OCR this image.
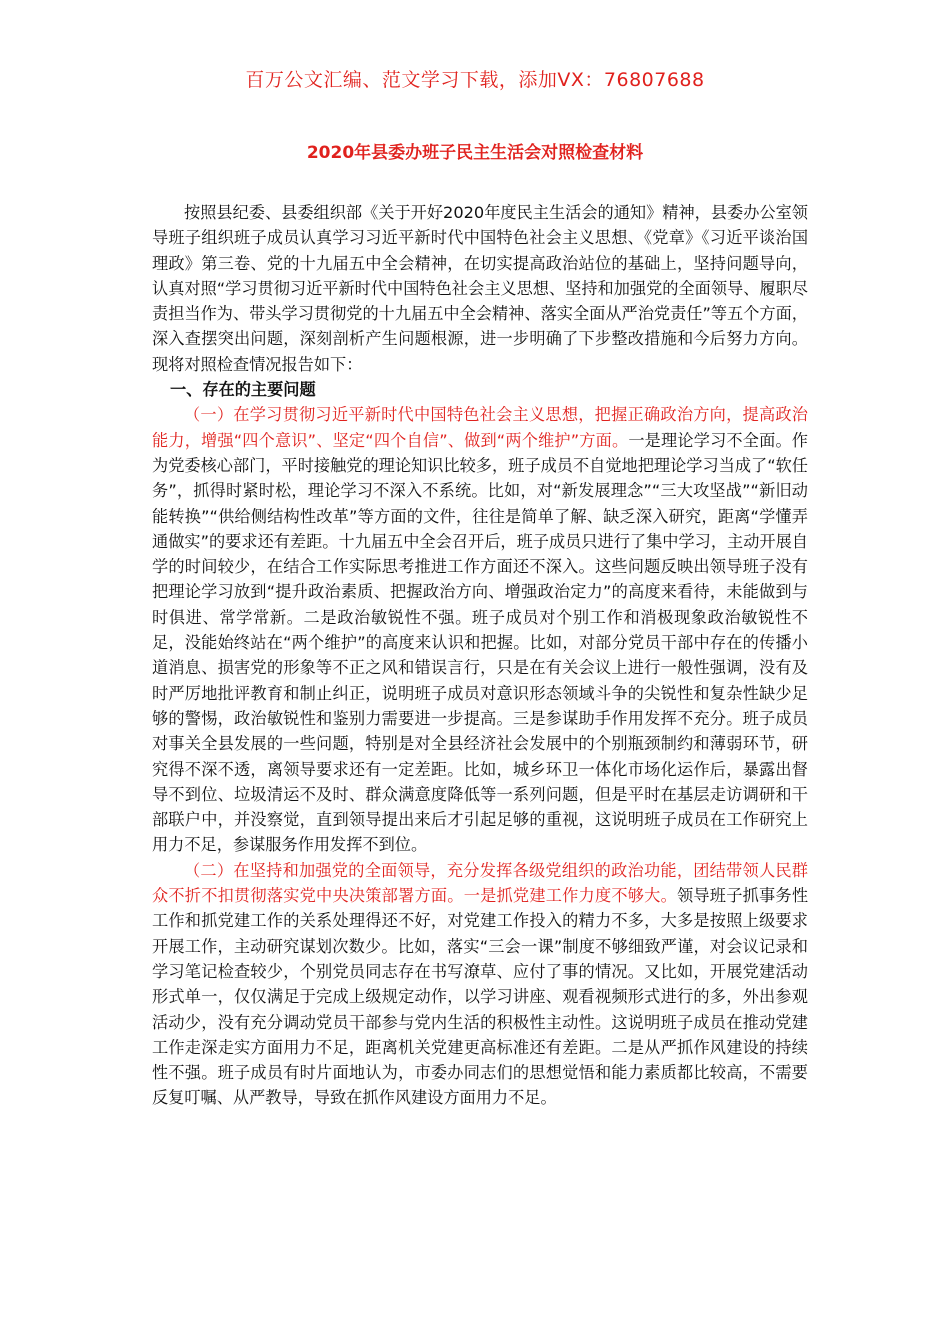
百万公文汇编、范文学习下载，添加VX：76807688
2020年县委办班子民主生活会对照检查材料

按照县纪委、县委组织部《关于开好2020年度民主生活会的通知》精神，县委办公室领导班子组织班子成员认真学习习近平新时代中国特色社会主义思想、《党章》《习近平谈治国理政》第三卷、党的十九届五中全会精神，在切实提高政治站位的基础上，坚持问题导向，认真对照“学习贯彻习近平新时代中国特色社会主义思想、坚持和加强党的全面领导、履职尽责担当作为、带头学习贯彻党的十九届五中全会精神、落实全面从严治党责任”等五个方面，深入查摆突出问题，深刻剖析产生问题根源，进一步明确了下步整改措施和今后努力方向。现将对照检查情况报告如下：

一、存在的主要问题

（一）在学习贯彻习近平新时代中国特色社会主义思想，把握正确政治方向，提高政治能力，增强“四个意识”、坚定“四个自信”、做到“两个维护”方面。一是理论学习不全面。作为党委核心部门，平时接触党的理论知识比较多，班子成员不自觉地把理论学习当成了“软任务”，抓得时紧时松，理论学习不深入不系统。比如，对“新发展理念”“三大攻坚战”“新旧动能转换”“供给侧结构性改革”等方面的文件，往往是简单了解、缺乏深入研究，距离“学懂弄通做实”的要求还有差距。十九届五中全会召开后，班子成员只进行了集中学习，主动开展自学的时间较少，在结合工作实际思考推进工作方面还不深入。这些问题反映出领导班子没有把理论学习放到“提升政治素质、把握政治方向、增强政治定力”的高度来看待，未能做到与时俱进、常学常新。二是政治敏锐性不强。班子成员对个别工作和消极现象政治敏锐性不足，没能始终站在“两个维护”的高度来认识和把握。比如，对部分党员干部中存在的传播小道消息、损害党的形象等不正之风和错误言行，只是在有关会议上进行一般性强调，没有及时严厉地批评教育和制止纠正，说明班子成员对意识形态领域斗争的尖锐性和复杂性缺少足够的警惕，政治敏锐性和鉴别力需要进一步提高。三是参谋助手作用发挥不充分。班子成员对事关全县发展的一些问题，特别是对全县经济社会发展中的个别瓶颈制约和薄弱环节，研究得不深不透，离领导要求还有一定差距。比如，城乡环卫一体化市场化运作后，暴露出督导不到位、垃圾清运不及时、群众满意度降低等一系列问题，但是平时在基层走访调研和干部联户中，并没察觉，直到领导提出来后才引起足够的重视，这说明班子成员在工作研究上用力不足，参谋服务作用发挥不到位。

（二）在坚持和加强党的全面领导，充分发挥各级党组织的政治功能，团结带领人民群众不折不扣贯彻落实党中央决策部署方面。一是抓党建工作力度不够大。领导班子抓事务性工作和抓党建工作的关系处理得还不好，对党建工作投入的精力不多，大多是按照上级要求开展工作，主动研究谋划次数少。比如，落实“三会一课”制度不够细致严谨，对会议记录和学习笔记检查较少，个别党员同志存在书写潦草、应付了事的情况。又比如，开展党建活动形式单一，仅仅满足于完成上级规定动作，以学习讲座、观看视频形式进行的多，外出参观活动少，没有充分调动党员干部参与党内生活的积极性主动性。这说明班子成员在推动党建工作走深走实方面用力不足，距离机关党建更高标准还有差距。二是从严抓作风建设的持续性不强。班子成员有时片面地认为，市委办同志们的思想觉悟和能力素质都比较高，不需要反复叮嘱、从严教导，导致在抓作风建设方面用力不足。
